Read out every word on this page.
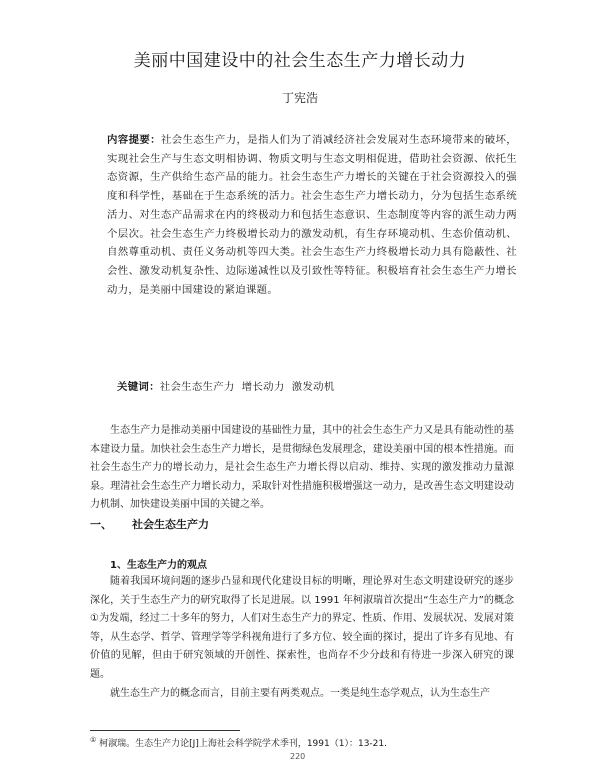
美丽中国建设中的社会生态生产力增长动力
丁宪浩
内容提要：社会生态生产力，是指人们为了消减经济社会发展对生态环境带来的破坏，实现社会生产与生态文明相协调、物质文明与生态文明相促进，借助社会资源、依托生态资源，生产供给生态产品的能力。社会生态生产力增长的关键在于社会资源投入的强度和科学性，基础在于生态系统的活力。社会生态生产力增长动力，分为包括生态系统活力、对生态产品需求在内的终极动力和包括生态意识、生态制度等内容的派生动力两个层次。社会生态生产力终极增长动力的激发动机，有生存环境动机、生态价值动机、自然尊重动机、责任义务动机等四大类。社会生态生产力终极增长动力具有隐蔽性、社会性、激发动机复杂性、边际递减性以及引致性等特征。积极培育社会生态生产力增长动力，是美丽中国建设的紧迫课题。
关键词：社会生态生产力  增长动力  激发动机
生态生产力是推动美丽中国建设的基础性力量，其中的社会生态生产力又是具有能动性的基本建设力量。加快社会生态生产力增长，是贯彻绿色发展理念，建设美丽中国的根本性措施。而社会生态生产力的增长动力，是社会生态生产力增长得以启动、维持、实现的激发推动力量源泉。理清社会生态生产力增长动力，采取针对性措施积极增强这一动力，是改善生态文明建设动力机制、加快建设美丽中国的关键之举。
一、 社会生态生产力
1、生态生产力的观点

随着我国环境问题的逐步凸显和现代化建设目标的明晰，理论界对生态文明建设研究的逐步深化，关于生态生产力的研究取得了长足进展。以 1991 年柯淑瑞首次提出“生态生产力”的概念①为发端，经过二十多年的努力，人们对生态生产力的界定、性质、作用、发展状况、发展对策等，从生态学、哲学、管理学等学科视角进行了多方位、较全面的探讨，提出了许多有见地、有价值的见解，但由于研究领域的开创性、探索性，也尚存不少分歧和有待进一步深入研究的课题。

就生态生产力的概念而言，目前主要有两类观点。一类是纯生态学观点，认为生态生产

① 柯淑瑞。生态生产力论[J]上海社会科学院学术季刊，1991（1）：13-21.
220
